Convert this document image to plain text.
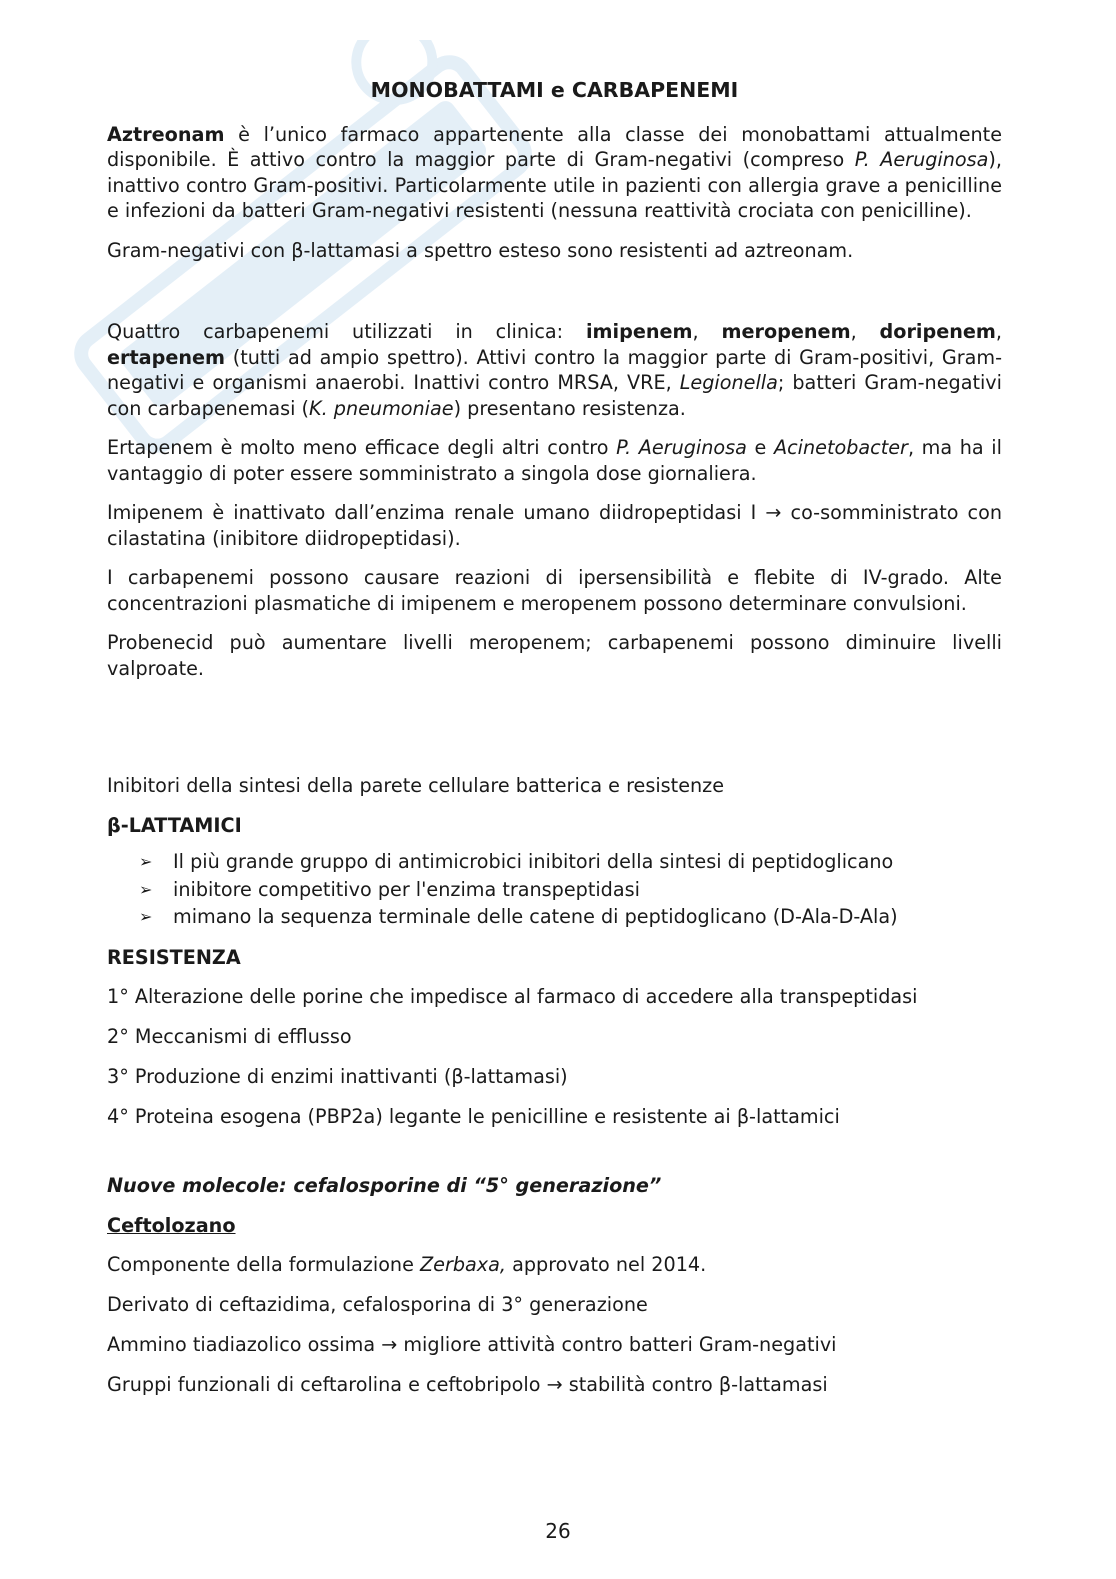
MONOBATTAMI e CARBAPENEMI

Aztreonam è l’unico farmaco appartenente alla classe dei monobattami attualmente disponibile. È attivo contro la maggior parte di Gram-negativi (compreso P. Aeruginosa), inattivo contro Gram-positivi. Particolarmente utile in pazienti con allergia grave a penicilline e infezioni da batteri Gram-negativi resistenti (nessuna reattività crociata con penicilline).

Gram-negativi con β-lattamasi a spettro esteso sono resistenti ad aztreonam.

Quattro carbapenemi utilizzati in clinica: imipenem, meropenem, doripenem, ertapenem (tutti ad ampio spettro). Attivi contro la maggior parte di Gram-positivi, Gram-negativi e organismi anaerobi. Inattivi contro MRSA, VRE, Legionella; batteri Gram-negativi con carbapenemasi (K. pneumoniae) presentano resistenza.

Ertapenem è molto meno efficace degli altri contro P. Aeruginosa e Acinetobacter, ma ha il vantaggio di poter essere somministrato a singola dose giornaliera.

Imipenem è inattivato dall’enzima renale umano diidropeptidasi I → co-somministrato con cilastatina (inibitore diidropeptidasi).

I carbapenemi possono causare reazioni di ipersensibilità e flebite di IV-grado. Alte concentrazioni plasmatiche di imipenem e meropenem possono determinare convulsioni.

Probenecid può aumentare livelli meropenem; carbapenemi possono diminuire livelli valproate.

Inibitori della sintesi della parete cellulare batterica e resistenze

β-LATTAMICI

➢ Il più grande gruppo di antimicrobici inibitori della sintesi di peptidoglicano
➢ inibitore competitivo per l'enzima transpeptidasi
➢ mimano la sequenza terminale delle catene di peptidoglicano (D-Ala-D-Ala)

RESISTENZA

1° Alterazione delle porine che impedisce al farmaco di accedere alla transpeptidasi

2° Meccanismi di efflusso

3° Produzione di enzimi inattivanti (β-lattamasi)

4° Proteina esogena (PBP2a) legante le penicilline e resistente ai β-lattamici

Nuove molecole: cefalosporine di “5° generazione”

Ceftolozano

Componente della formulazione Zerbaxa, approvato nel 2014.

Derivato di ceftazidima, cefalosporina di 3° generazione

Ammino tiadiazolico ossima → migliore attività contro batteri Gram-negativi

Gruppi funzionali di ceftarolina e ceftobripolo → stabilità contro β-lattamasi

26
